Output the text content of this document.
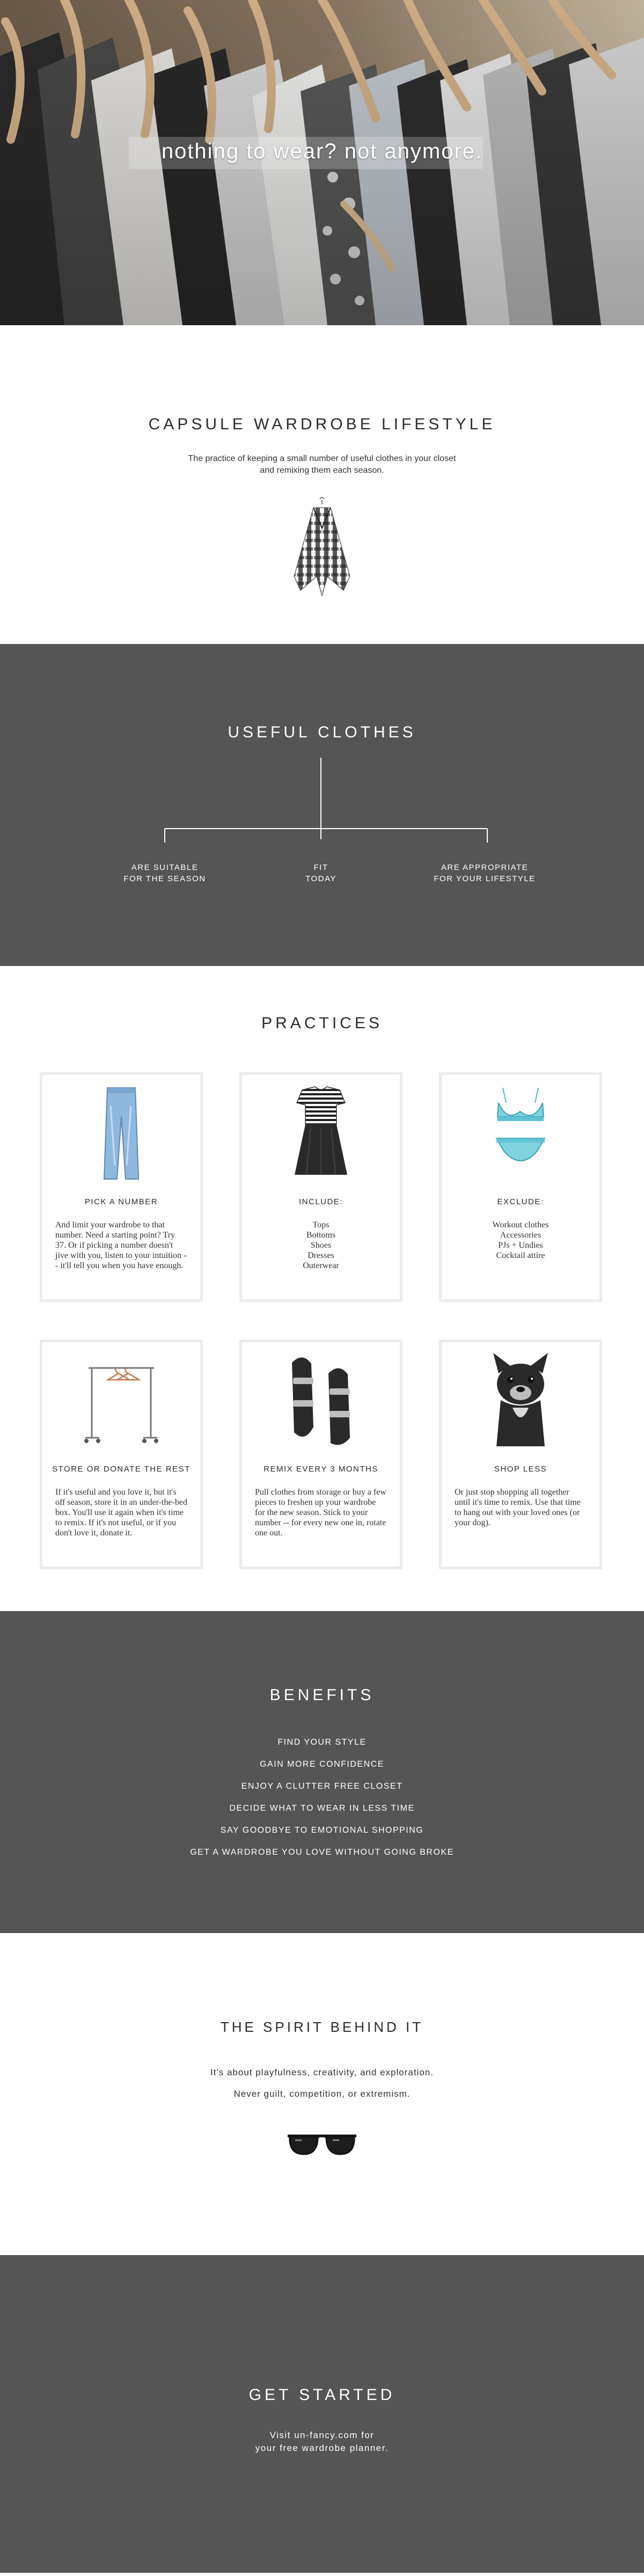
nothing to wear? not anymore.
CAPSULE WARDROBE LIFESTYLE

The practice of keeping a small number of useful clothes in your closet
and remixing them each season.

USEFUL CLOTHES
ARE SUITABLE
FOR THE SEASON
FIT
TODAY
ARE APPROPRIATE
FOR YOUR LIFESTYLE
PRACTICES
PICK A NUMBER

And limit your wardrobe to that number. Need a starting point? Try 37. Or if picking a number doesn't jive with you, listen to your intuition -- it'll tell you when you have enough.

INCLUDE:
Tops
Bottoms
Shoes
Dresses
Outerwear
EXCLUDE:
Workout clothes
Accessories
PJs + Undies
Cocktail attire
STORE OR DONATE THE REST

If it's useful and you love it, but it's off season, store it in an under-the-bed box. You'll use it again when it's time to remix. If it's not useful, or if you don't love it, donate it.

REMIX EVERY 3 MONTHS

Pull clothes from storage or buy a few pieces to freshen up your wardrobe for the new season. Stick to your number -- for every new one in, rotate one out.

SHOP LESS

Or just stop shopping all together until it's time to remix. Use that time to hang out with your loved ones (or your dog).

BENEFITS
FIND YOUR STYLE
GAIN MORE CONFIDENCE
ENJOY A CLUTTER FREE CLOSET
DECIDE WHAT TO WEAR IN LESS TIME
SAY GOODBYE TO EMOTIONAL SHOPPING
GET A WARDROBE YOU LOVE WITHOUT GOING BROKE
THE SPIRIT BEHIND IT

It's about playfulness, creativity, and exploration.

Never guilt, competition, or extremism.

GET STARTED

Visit un-fancy.com for

your free wardrobe planner.
